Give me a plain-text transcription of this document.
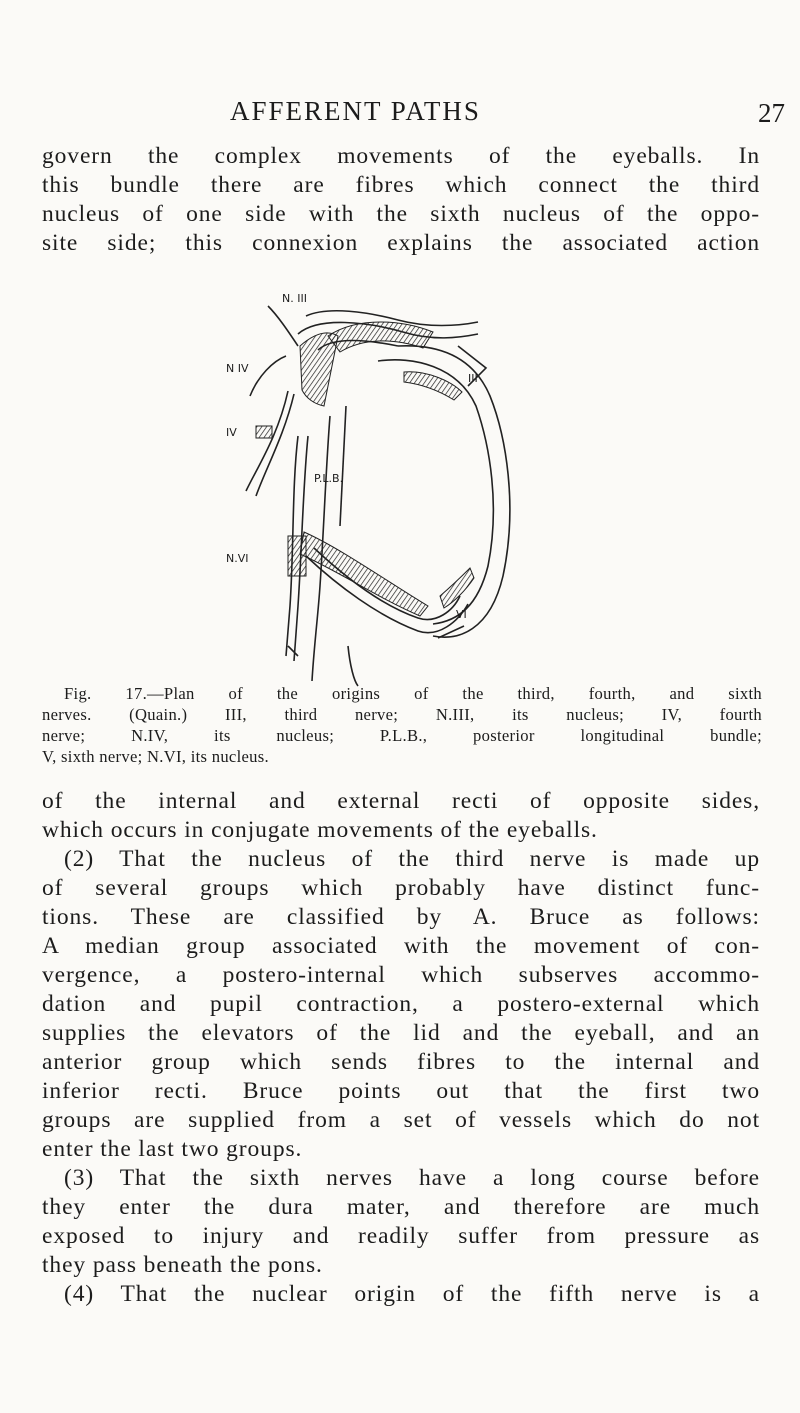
AFFERENT PATHS	27
govern the complex movements of the eyeballs. In
this bundle there are fibres which connect the third
nucleus of one side with the sixth nucleus of the oppo-
site side; this connexion explains the associated action
N. III
N IV
IV
III
P.L.B.
N.VI
VI
Fig. 17.—Plan of the origins of the third, fourth, and sixth
nerves. (Quain.) III, third nerve; N.III, its nucleus; IV, fourth
nerve; N.IV, its nucleus; P.L.B., posterior longitudinal bundle;
V, sixth nerve; N.VI, its nucleus.
of the internal and external recti of opposite sides,
which occurs in conjugate movements of the eyeballs.
(2) That the nucleus of the third nerve is made up
of several groups which probably have distinct func-
tions. These are classified by A. Bruce as follows:
A median group associated with the movement of con-
vergence, a postero-internal which subserves accommo-
dation and pupil contraction, a postero-external which
supplies the elevators of the lid and the eyeball, and an
anterior group which sends fibres to the internal and
inferior recti. Bruce points out that the first two
groups are supplied from a set of vessels which do not
enter the last two groups.
(3) That the sixth nerves have a long course before
they enter the dura mater, and therefore are much
exposed to injury and readily suffer from pressure as
they pass beneath the pons.
(4) That the nuclear origin of the fifth nerve is a
